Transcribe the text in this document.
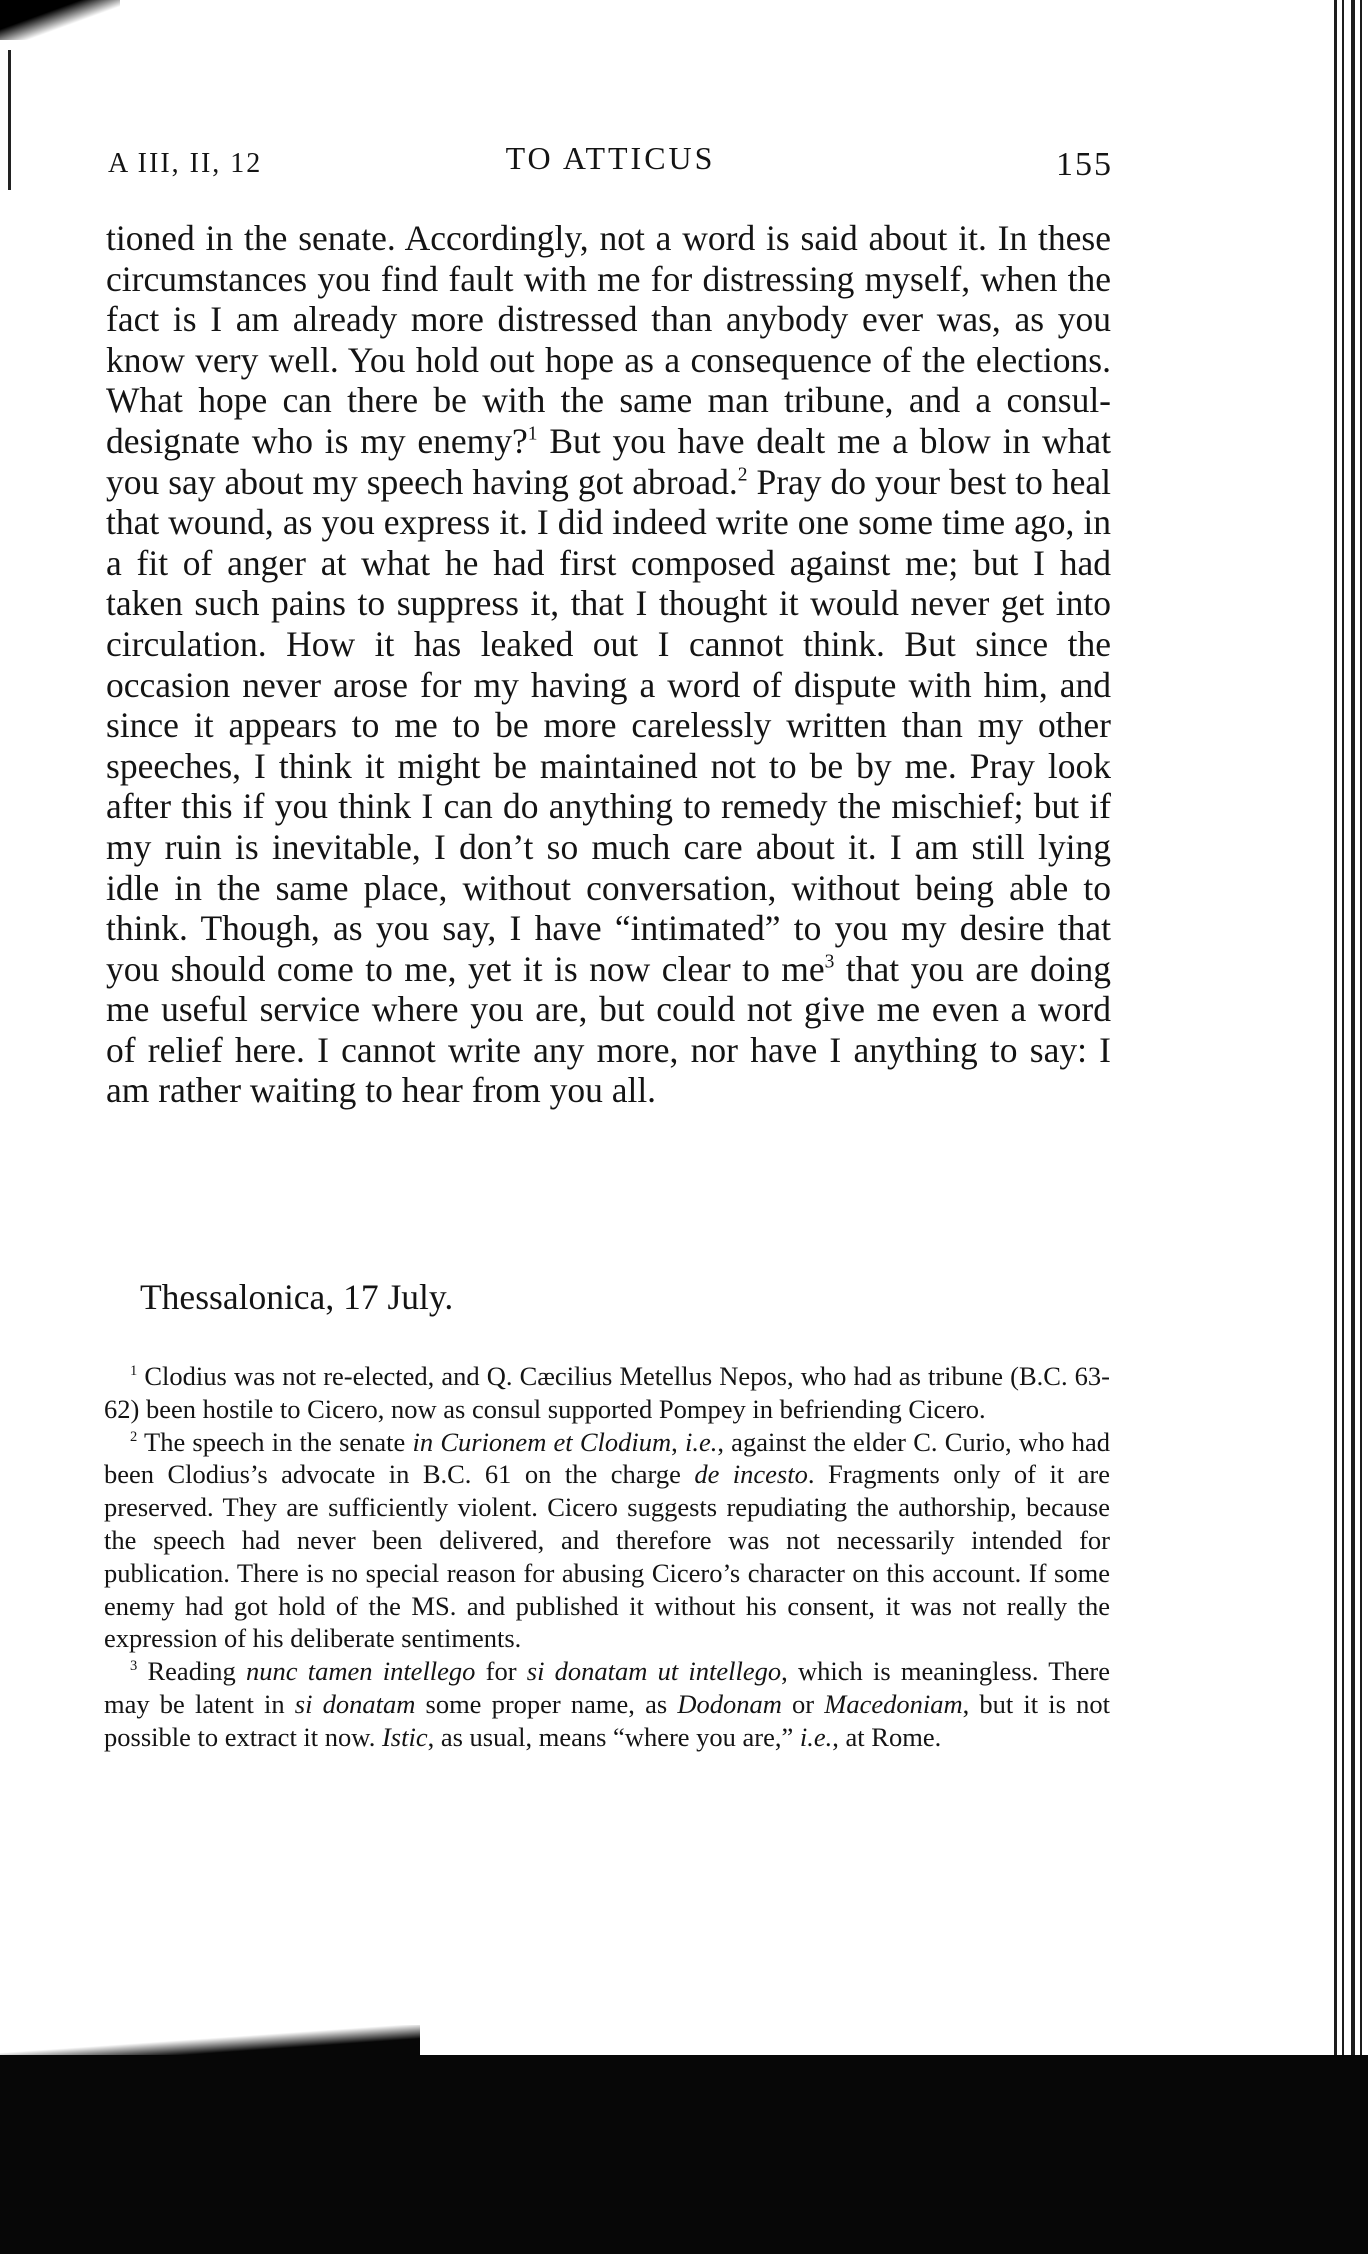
A III, II, 12	TO ATTICUS	155

tioned in the senate. Accordingly, not a word is said about it. In these circumstances you find fault with me for distressing myself, when the fact is I am already more distressed than anybody ever was, as you know very well. You hold out hope as a consequence of the elections. What hope can there be with the same man tribune, and a consul-designate who is my enemy?$^1$ But you have dealt me a blow in what you say about my speech having got abroad.$^2$ Pray do your best to heal that wound, as you express it. I did indeed write one some time ago, in a fit of anger at what he had first composed against me; but I had taken such pains to suppress it, that I thought it would never get into circulation. How it has leaked out I cannot think. But since the occasion never arose for my having a word of dispute with him, and since it appears to me to be more carelessly written than my other speeches, I think it might be maintained not to be by me. Pray look after this if you think I can do anything to remedy the mischief; but if my ruin is inevitable, I don’t so much care about it. I am still lying idle in the same place, without conversation, without being able to think. Though, as you say, I have “intimated” to you my desire that you should come to me, yet it is now clear to $me^3$ that you are doing me useful service where you are, but could not give me even a word of relief here. I cannot write any more, nor have I anything to say: I am rather waiting to hear from you all.

Thessalonica, 17 July.

$^1$ Clodius was not re-elected, and Q. Cæcilius Metellus Nepos, who had as tribune (B.C. 63-62) been hostile to Cicero, now as consul supported Pompey in befriending Cicero.

$^2$ The speech in the senate in Curionem et Clodium, i.e., against the elder C. Curio, who had been Clodius’s advocate in B.C. 61 on the charge de incesto. Fragments only of it are preserved. They are sufficiently violent. Cicero suggests repudiating the authorship, because the speech had never been delivered, and therefore was not necessarily intended for publication. There is no special reason for abusing Cicero’s character on this account. If some enemy had got hold of the MS. and published it without his consent, it was not really the expression of his deliberate sentiments.

$^3$ Reading nunc tamen intellego for si donatam ut intellego, which is meaningless. There may be latent in si donatam some proper name, as Dodonam or Macedoniam, but it is not possible to extract it now. Istic, as usual, means “where you are,” i.e., at Rome.
